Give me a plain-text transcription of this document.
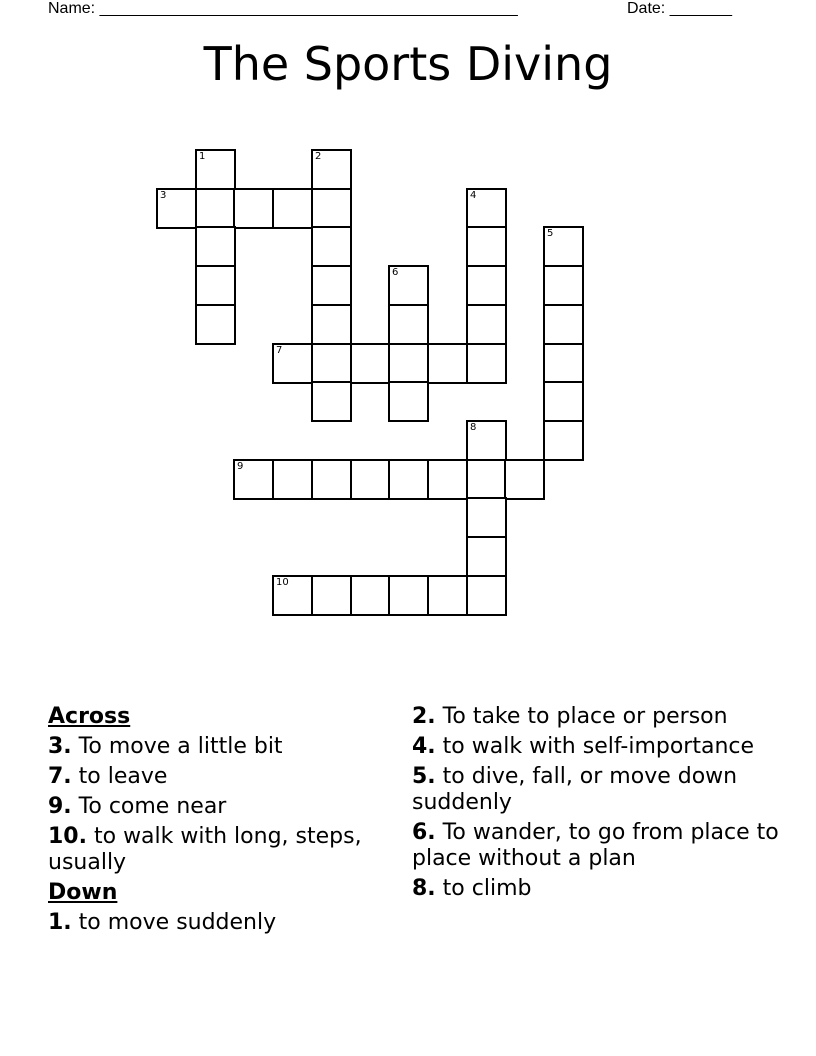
Name: _______________________________________________	Date: _______
The Sports Diving
1	2
3	4
5
6
7
8
9
10
Across
3. To move a little bit
7. to leave
9. To come near
10. to walk with long, steps, usually
Down
1. to move suddenly
2. To take to place or person
4. to walk with self-importance
5. to dive, fall, or move down suddenly
6. To wander, to go from place to place without a plan
8. to climb
